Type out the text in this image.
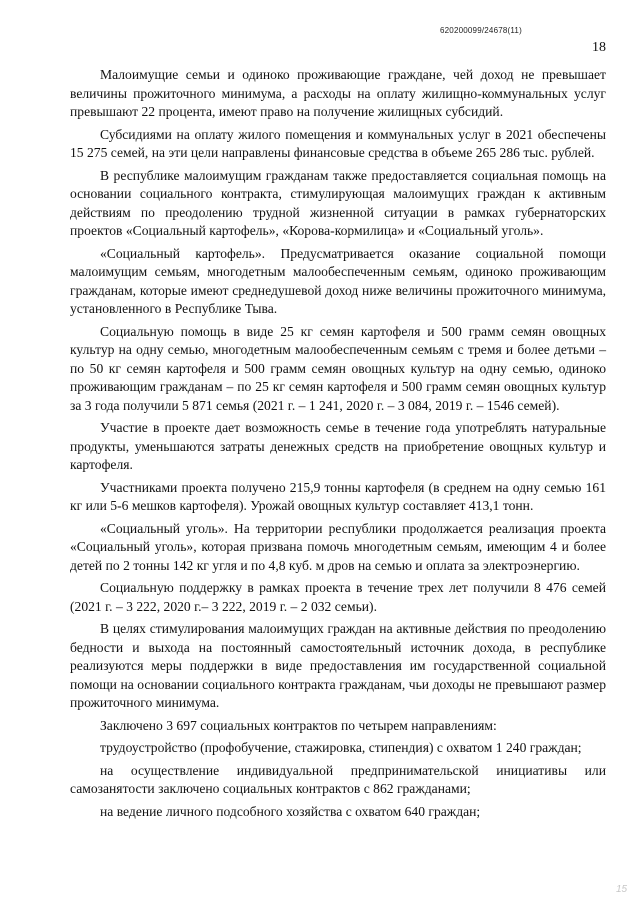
620200099/24678(11)
18

Малоимущие семьи и одиноко проживающие граждане, чей доход не превышает величины прожиточного минимума, а расходы на оплату жилищно-коммунальных услуг превышают 22 процента, имеют право на получение жилищных субсидий.

Субсидиями на оплату жилого помещения и коммунальных услуг в 2021 обеспечены 15 275 семей, на эти цели направлены финансовые средства в объеме 265 286 тыс. рублей.

В республике малоимущим гражданам также предоставляется социальная помощь на основании социального контракта, стимулирующая малоимущих граждан к активным действиям по преодолению трудной жизненной ситуации в рамках губернаторских проектов «Социальный картофель», «Корова-кормилица» и «Социальный уголь».

«Социальный картофель». Предусматривается оказание социальной помощи малоимущим семьям, многодетным малообеспеченным семьям, одиноко проживающим гражданам, которые имеют среднедушевой доход ниже величины прожиточного минимума, установленного в Республике Тыва.

Социальную помощь в виде 25 кг семян картофеля и 500 грамм семян овощных культур на одну семью, многодетным малообеспеченным семьям с тремя и более детьми – по 50 кг семян картофеля и 500 грамм семян овощных культур на одну семью, одиноко проживающим гражданам – по 25 кг семян картофеля и 500 грамм семян овощных культур за 3 года получили 5 871 семья (2021 г. – 1 241, 2020 г. – 3 084, 2019 г. – 1546 семей).

Участие в проекте дает возможность семье в течение года употреблять натуральные продукты, уменьшаются затраты денежных средств на приобретение овощных культур и картофеля.

Участниками проекта получено 215,9 тонны картофеля (в среднем на одну семью 161 кг или 5-6 мешков картофеля). Урожай овощных культур составляет 413,1 тонн.

«Социальный уголь». На территории республики продолжается реализация проекта «Социальный уголь», которая призвана помочь многодетным семьям, имеющим 4 и более детей по 2 тонны 142 кг угля и по 4,8 куб. м дров на семью и оплата за электроэнергию.

Социальную поддержку в рамках проекта в течение трех лет получили 8 476 семей (2021 г. – 3 222, 2020 г.– 3 222, 2019 г. – 2 032 семьи).

В целях стимулирования малоимущих граждан на активные действия по преодолению бедности и выхода на постоянный самостоятельный источник дохода, в республике реализуются меры поддержки в виде предоставления им государственной социальной помощи на основании социального контракта гражданам, чьи доходы не превышают размер прожиточного минимума.

Заключено 3 697 социальных контрактов по четырем направлениям:

трудоустройство (профобучение, стажировка, стипендия) с охватом 1 240 граждан;

на осуществление индивидуальной предпринимательской инициативы или самозанятости заключено социальных контрактов с 862 гражданами;

на ведение личного подсобного хозяйства с охватом 640 граждан;

15
